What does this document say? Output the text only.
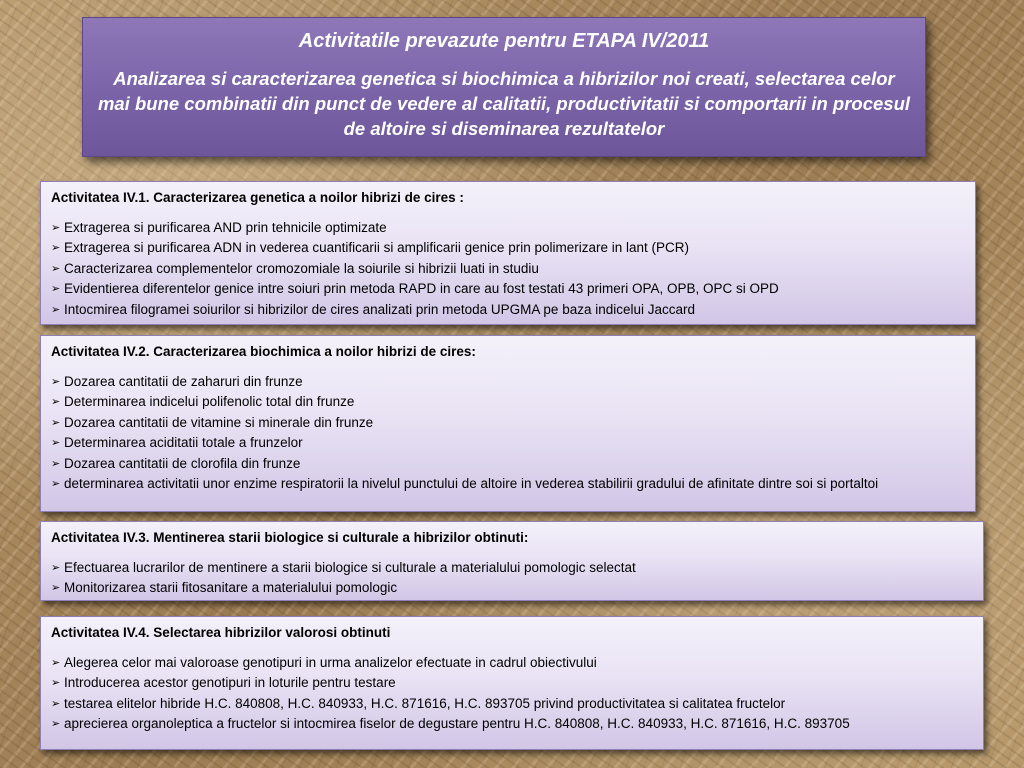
Activitatile prevazute pentru ETAPA IV/2011

Analizarea si caracterizarea genetica si biochimica a hibrizilor noi creati, selectarea celor mai bune combinatii din punct de vedere al calitatii, productivitatii si comportarii in procesul de altoire si diseminarea rezultatelor

Activitatea IV.1. Caracterizarea genetica a noilor hibrizi de cires :

➢ Extragerea si purificarea AND prin tehnicile optimizate
➢ Extragerea si purificarea ADN in vederea cuantificarii si amplificarii genice prin polimerizare in lant (PCR)
➢ Caracterizarea complementelor cromozomiale la soiurile si hibrizii luati in studiu
➢ Evidentierea diferentelor genice intre soiuri prin metoda RAPD in care au fost testati 43 primeri OPA, OPB, OPC si OPD
➢ Intocmirea filogramei soiurilor si hibrizilor de cires analizati prin metoda UPGMA pe baza indicelui Jaccard

Activitatea IV.2. Caracterizarea biochimica a noilor hibrizi de cires:

➢ Dozarea cantitatii de zaharuri din frunze
➢ Determinarea indicelui polifenolic total din frunze
➢ Dozarea cantitatii de vitamine si minerale din frunze
➢ Determinarea aciditatii totale a frunzelor
➢ Dozarea cantitatii de clorofila din frunze
➢ determinarea activitatii unor enzime respiratorii la nivelul punctului de altoire in vederea stabilirii gradului de afinitate dintre soi si portaltoi

Activitatea IV.3. Mentinerea starii biologice si culturale a hibrizilor obtinuti:

➢ Efectuarea lucrarilor de mentinere a starii biologice si culturale a materialului pomologic selectat
➢ Monitorizarea starii fitosanitare a materialului pomologic

Activitatea IV.4. Selectarea hibrizilor valorosi obtinuti

➢ Alegerea celor mai valoroase genotipuri in urma analizelor efectuate in cadrul obiectivului
➢ Introducerea acestor genotipuri in loturile pentru testare
➢ testarea elitelor hibride H.C. 840808, H.C. 840933, H.C. 871616, H.C. 893705 privind productivitatea si calitatea fructelor
➢ aprecierea organoleptica a fructelor si intocmirea fiselor de degustare pentru H.C. 840808, H.C. 840933, H.C. 871616, H.C. 893705
